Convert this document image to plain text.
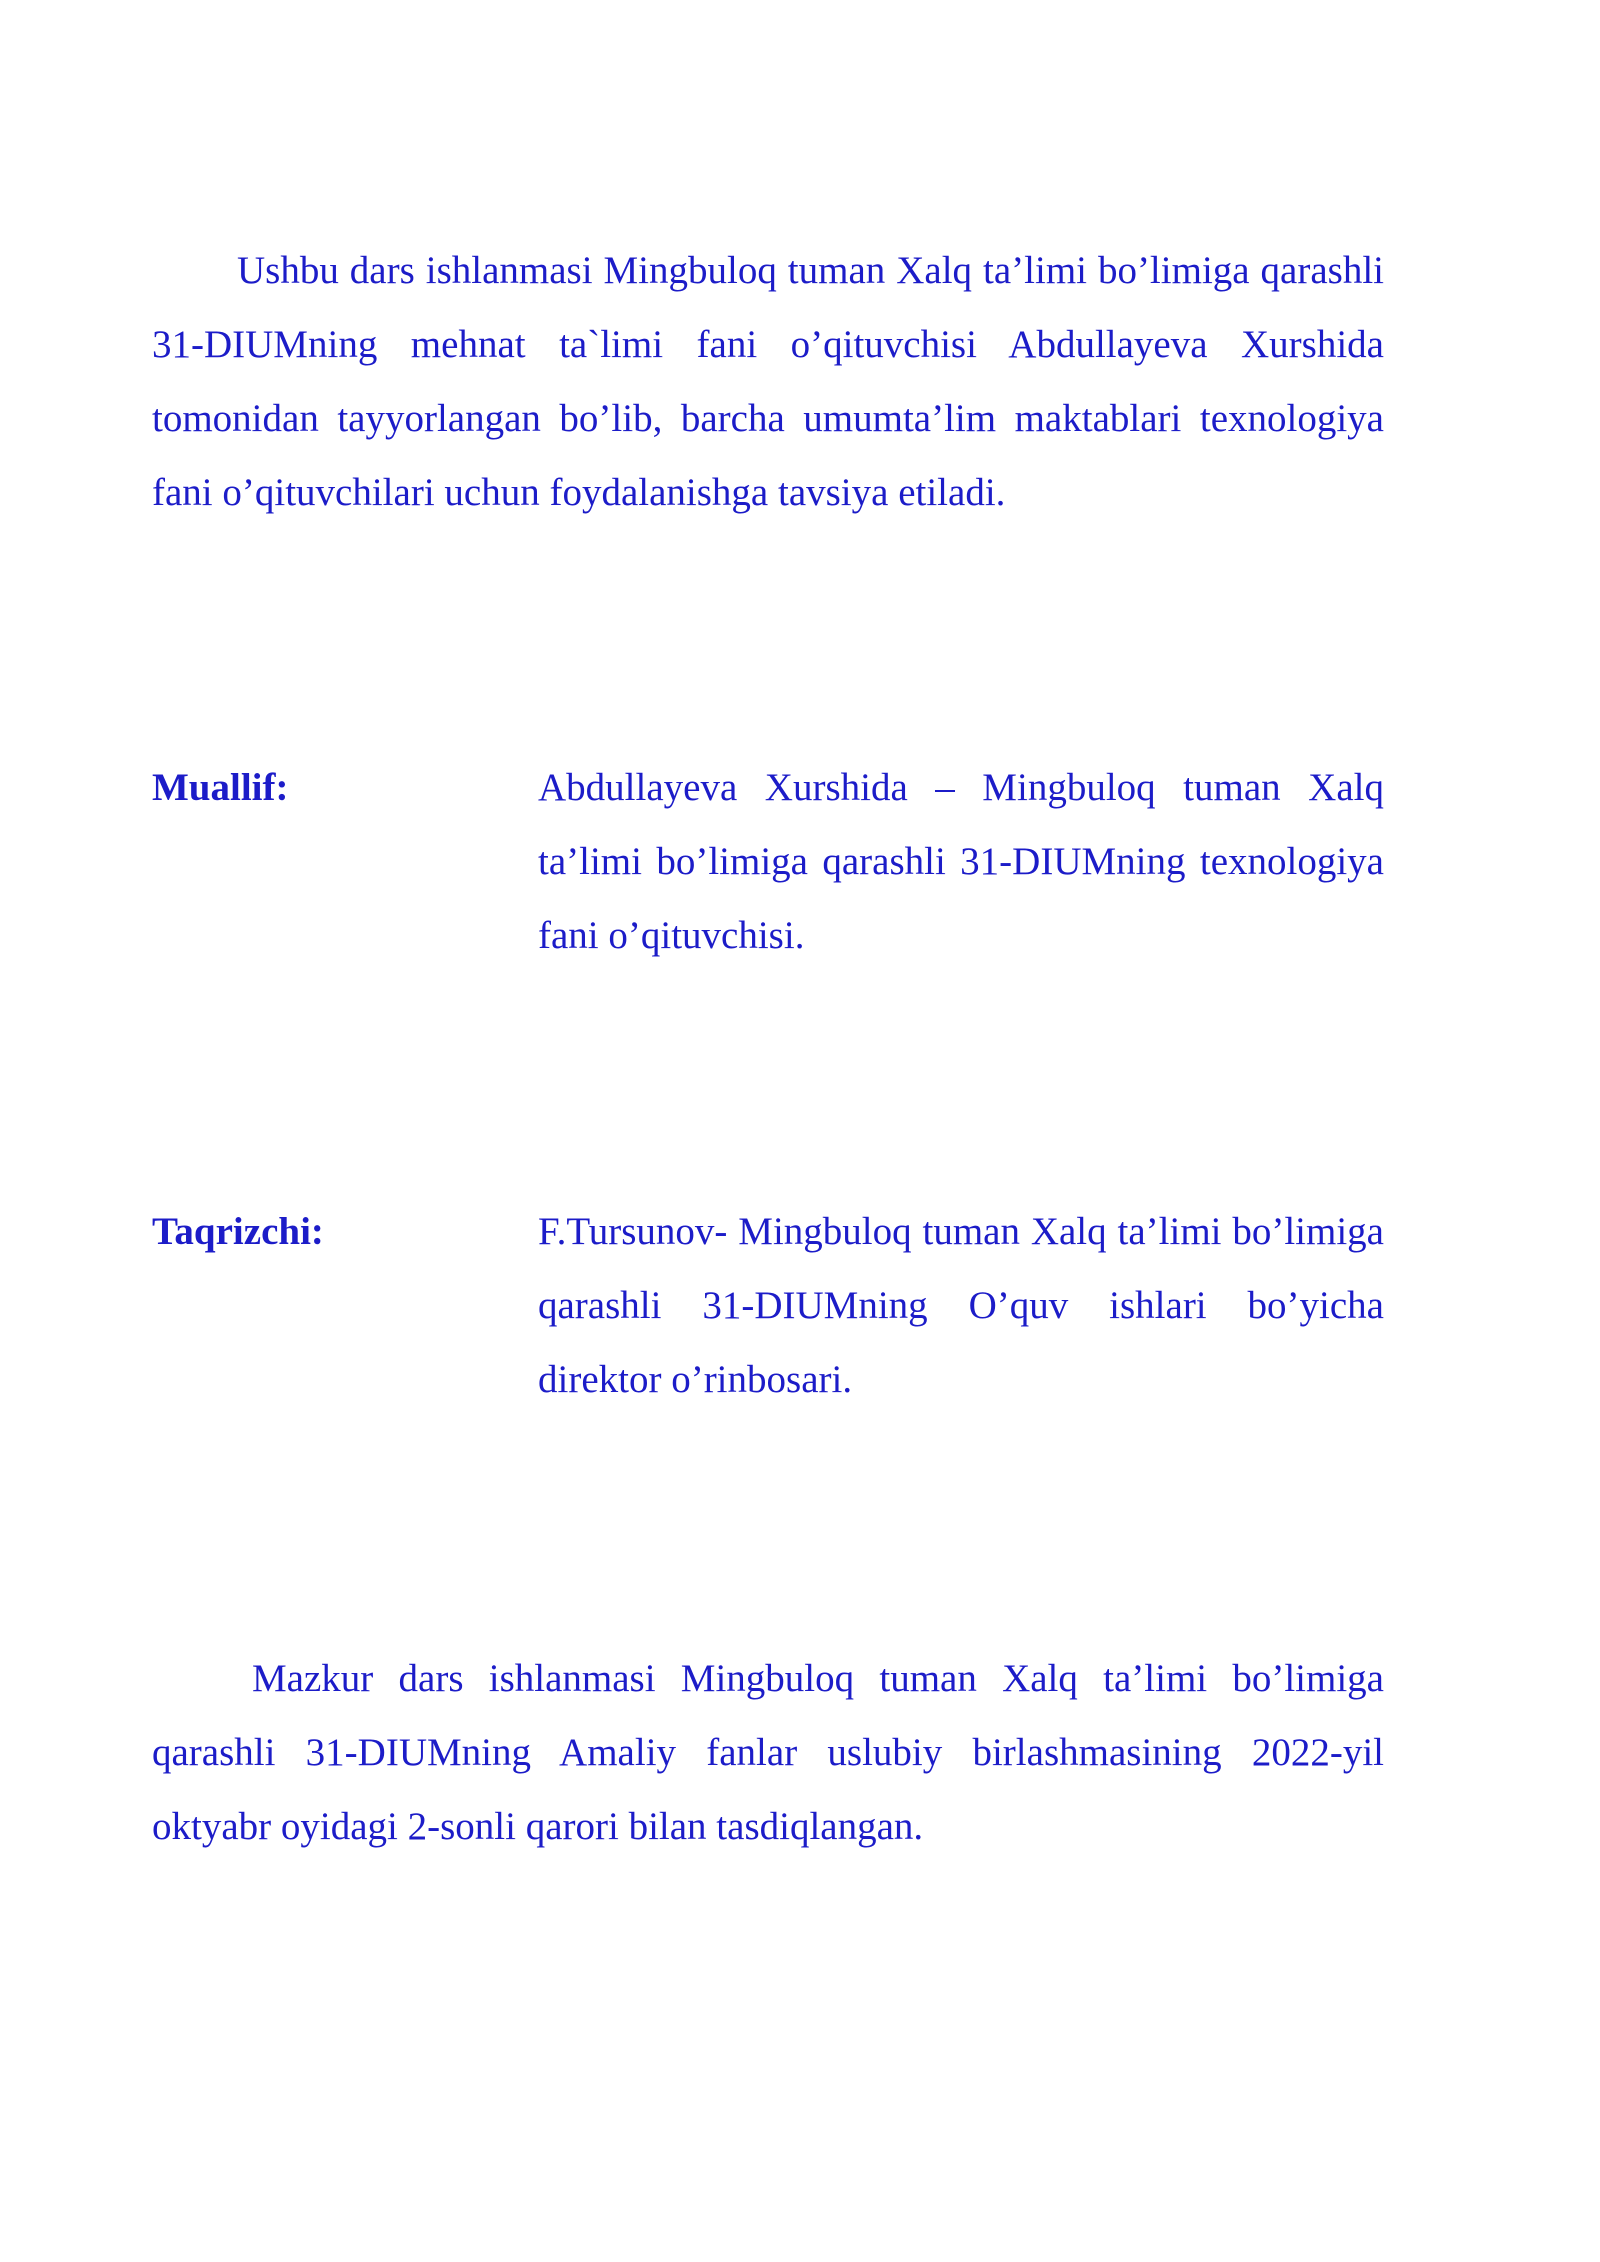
Ushbu dars ishlanmasi Mingbuloq tuman Xalq ta’limi bo’limiga qarashli 31-DIUMning mehnat ta`limi fani o’qituvchisi Abdullayeva Xurshida tomonidan tayyorlangan bo’lib, barcha umumta’lim maktablari texnologiya fani o’qituvchilari uchun foydalanishga tavsiya etiladi.

Muallif:	Abdullayeva Xurshida – Mingbuloq tuman Xalq ta’limi bo’limiga qarashli 31-DIUMning texnologiya fani o’qituvchisi.

Taqrizchi:	F.Tursunov- Mingbuloq tuman Xalq ta’limi bo’limiga qarashli 31-DIUMning O’quv ishlari bo’yicha direktor o’rinbosari.

Mazkur dars ishlanmasi Mingbuloq tuman Xalq ta’limi bo’limiga qarashli 31-DIUMning Amaliy fanlar uslubiy birlashmasining 2022-yil oktyabr oyidagi 2-sonli qarori bilan tasdiqlangan.
